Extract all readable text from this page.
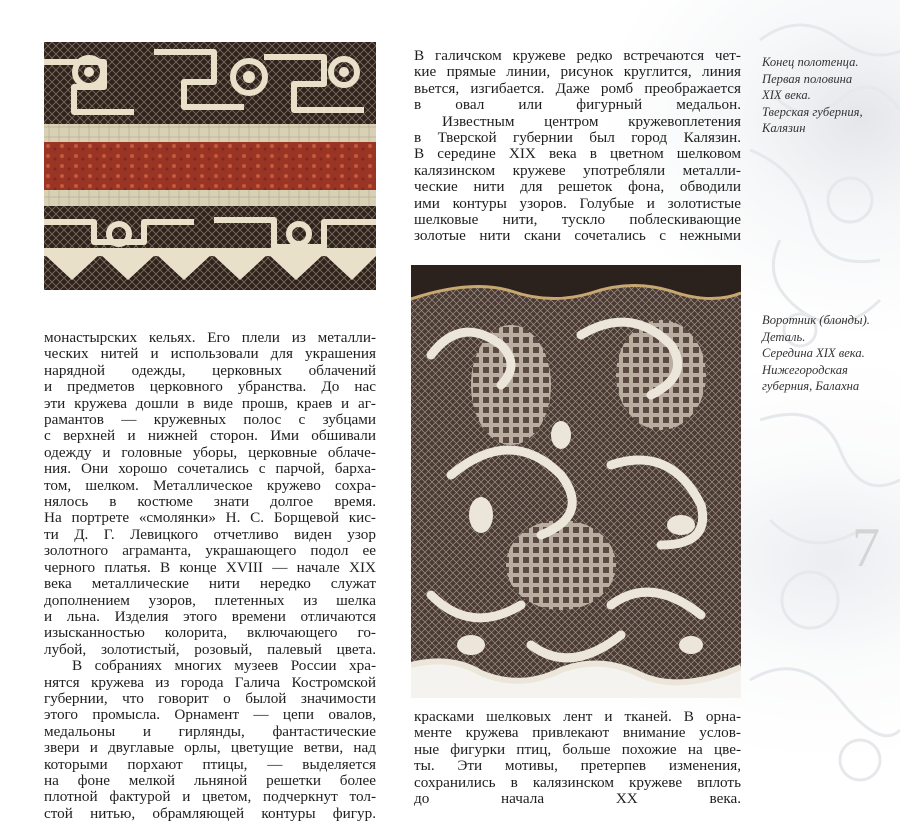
В галичском кружеве редко встречаются чет-
кие прямые линии, рисунок круглится, линия
вьется, изгибается. Даже ромб преображается
в овал или фигурный медальон.
Известным центром кружевоплетения
в Тверской губернии был город Калязин.
В середине XIX века в цветном шелковом
калязинском кружеве употребляли металли-
ческие нити для решеток фона, обводили
ими контуры узоров. Голубые и золотистые
шелковые нити, тускло поблескивающие
золотые нити скани сочетались с нежными
Конец полотенца.
Первая половина
XIX века.
Тверская губерния,
Калязин
Воротник (блонды).
Деталь.
Середина XIX века.
Нижегородская
губерния, Балахна
монастырских кельях. Его плели из металли-
ческих нитей и использовали для украшения
нарядной одежды, церковных облачений
и предметов церковного убранства. До нас
эти кружева дошли в виде прошв, краев и аг-
рамантов — кружевных полос с зубцами
с верхней и нижней сторон. Ими обшивали
одежду и головные уборы, церковные облаче-
ния. Они хорошо сочетались с парчой, барха-
том, шелком. Металлическое кружево сохра-
нялось в костюме знати долгое время.
На портрете «смолянки» Н. С. Борщевой кис-
ти Д. Г. Левицкого отчетливо виден узор
золотного аграманта, украшающего подол ее
черного платья. В конце XVIII — начале XIX
века металлические нити нередко служат
дополнением узоров, плетенных из шелка
и льна. Изделия этого времени отличаются
изысканностью колорита, включающего го-
лубой, золотистый, розовый, палевый цвета.
В собраниях многих музеев России хра-
нятся кружева из города Галича Костромской
губернии, что говорит о былой значимости
этого промысла. Орнамент — цепи овалов,
медальоны и гирлянды, фантастические
звери и двуглавые орлы, цветущие ветви, над
которыми порхают птицы, — выделяется
на фоне мелкой льняной решетки более
плотной фактурой и цветом, подчеркнут тол-
стой нитью, обрамляющей контуры фигур.
красками шелковых лент и тканей. В орна-
менте кружева привлекают внимание услов-
ные фигурки птиц, больше похожие на цве-
ты. Эти мотивы, претерпев изменения,
сохранились в калязинском кружеве вплоть
до начала XX века.
7
